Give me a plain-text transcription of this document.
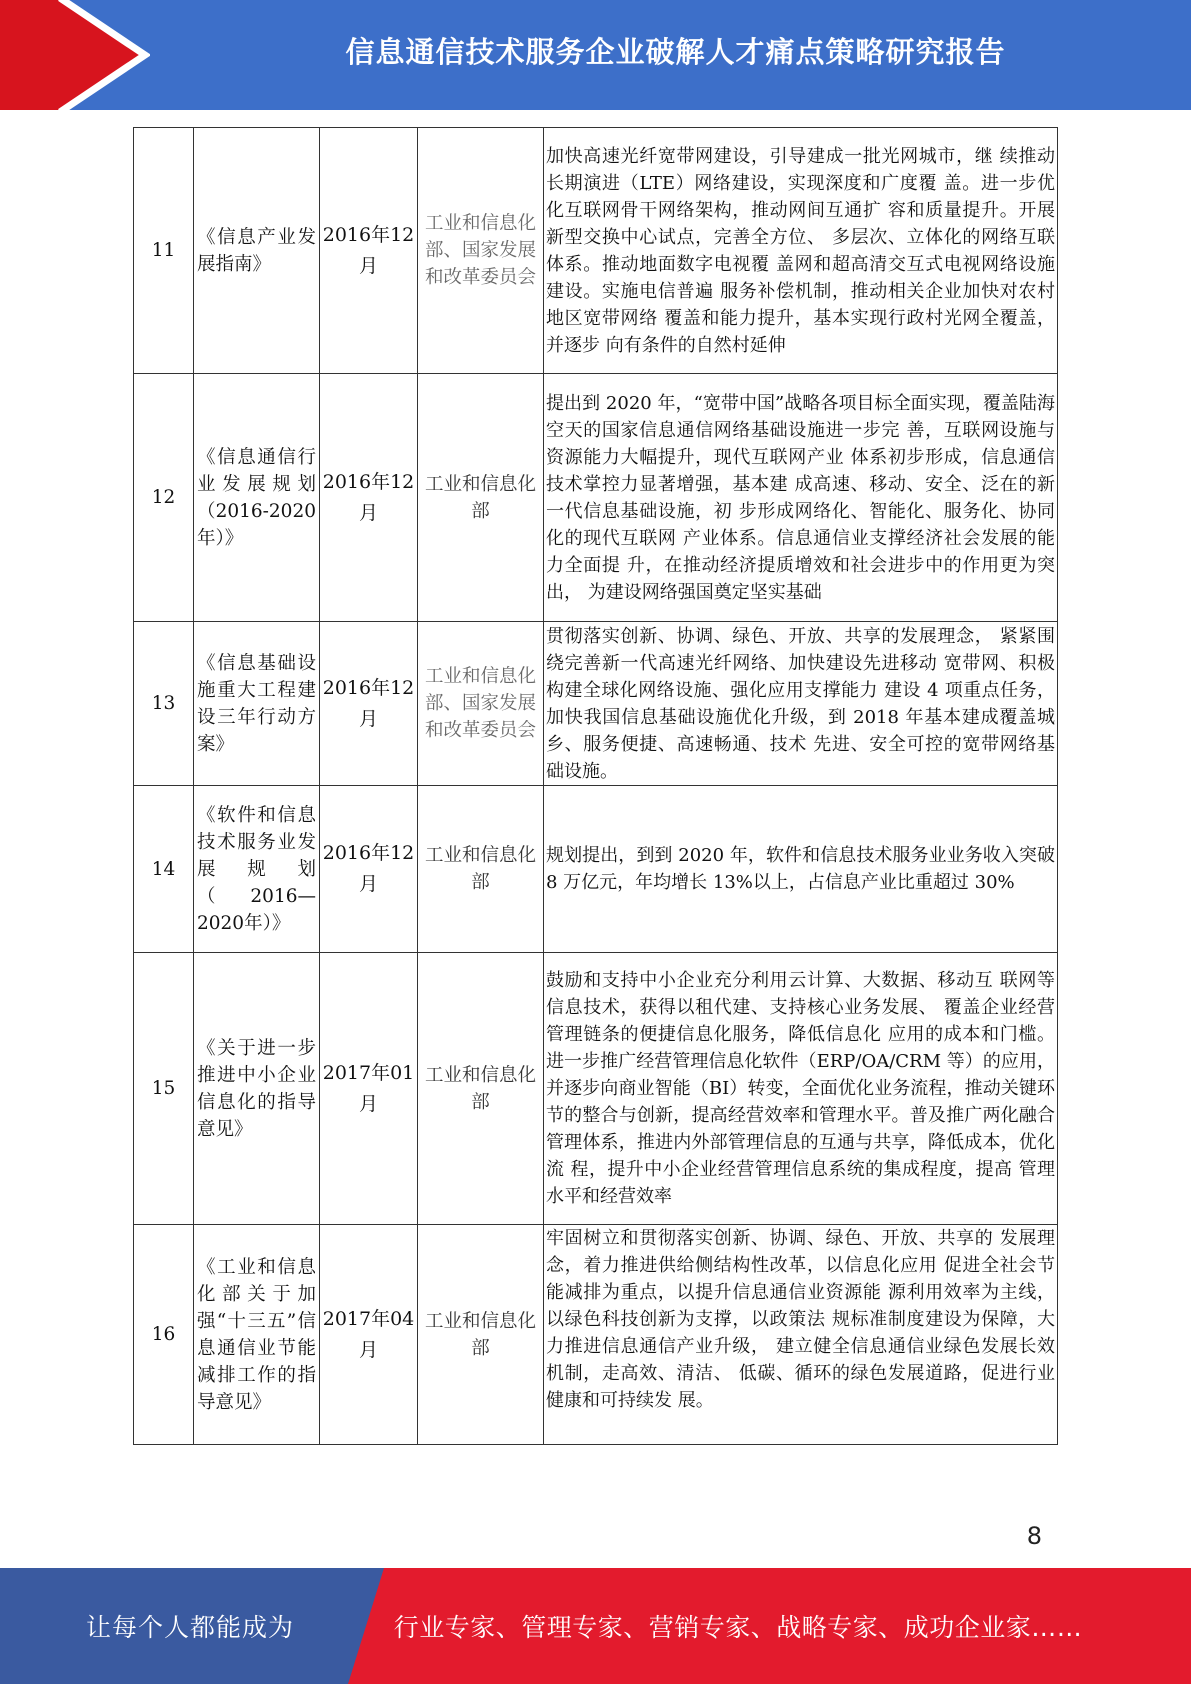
信息通信技术服务企业破解人才痛点策略研究报告
11	《信息产业发展指南》	2016年12月	工业和信息化部、国家发展和改革委员会	加快高速光纤宽带网建设，引导建成一批光网城市，继 续推动长期演进（LTE）网络建设，实现深度和广度覆 盖。进一步优化互联网骨干网络架构，推动网间互通扩 容和质量提升。开展新型交换中心试点，完善全方位、 多层次、立体化的网络互联体系。推动地面数字电视覆 盖网和超高清交互式电视网络设施建设。实施电信普遍 服务补偿机制，推动相关企业加快对农村地区宽带网络 覆盖和能力提升，基本实现行政村光网全覆盖，并逐步 向有条件的自然村延伸
12	《信息通信行业发展规划（2016-2020年）》	2016年12月	工业和信息化部	提出到 2020 年，“宽带中国”战略各项目标全面实现，覆盖陆海空天的国家信息通信网络基础设施进一步完 善，互联网设施与资源能力大幅提升，现代互联网产业 体系初步形成，信息通信技术掌控力显著增强，基本建 成高速、移动、安全、泛在的新一代信息基础设施，初 步形成网络化、智能化、服务化、协同化的现代互联网 产业体系。信息通信业支撑经济社会发展的能力全面提 升，在推动经济提质增效和社会进步中的作用更为突出， 为建设网络强国奠定坚实基础
13	《信息基础设施重大工程建设三年行动方案》	2016年12月	工业和信息化部、国家发展和改革委员会	贯彻落实创新、协调、绿色、开放、共享的发展理念， 紧紧围绕完善新一代高速光纤网络、加快建设先进移动 宽带网、积极构建全球化网络设施、强化应用支撑能力 建设 4 项重点任务，加快我国信息基础设施优化升级，到 2018 年基本建成覆盖城乡、服务便捷、高速畅通、技术 先进、安全可控的宽带网络基础设施。
14	《软件和信息技术服务业发展规划（2016—2020年）》	2016年12月	工业和信息化部	规划提出，到到 2020 年，软件和信息技术服务业业务收入突破 8 万亿元，年均增长 13%以上，占信息产业比重超过 30%
15	《关于进一步推进中小企业信息化的指导意见》	2017年01月	工业和信息化部	鼓励和支持中小企业充分利用云计算、大数据、移动互 联网等信息技术，获得以租代建、支持核心业务发展、 覆盖企业经营管理链条的便捷信息化服务，降低信息化 应用的成本和门槛。进一步推广经营管理信息化软件（ERP/OA/CRM 等）的应用，并逐步向商业智能（BI）转变，全面优化业务流程，推动关键环节的整合与创新，提高经营效率和管理水平。普及推广两化融合管理体系，推进内外部管理信息的互通与共享，降低成本，优化流 程，提升中小企业经营管理信息系统的集成程度，提高 管理水平和经营效率
16	《工业和信息化部关于加强“十三五”信息通信业节能减排工作的指导意见》	2017年04月	工业和信息化部	牢固树立和贯彻落实创新、协调、绿色、开放、共享的 发展理念，着力推进供给侧结构性改革，以信息化应用 促进全社会节能减排为重点，以提升信息通信业资源能 源利用效率为主线，以绿色科技创新为支撑，以政策法 规标准制度建设为保障，大力推进信息通信产业升级， 建立健全信息通信业绿色发展长效机制，走高效、清洁、 低碳、循环的绿色发展道路，促进行业健康和可持续发 展。
8
让每个人都能成为	行业专家、管理专家、营销专家、战略专家、成功企业家……
